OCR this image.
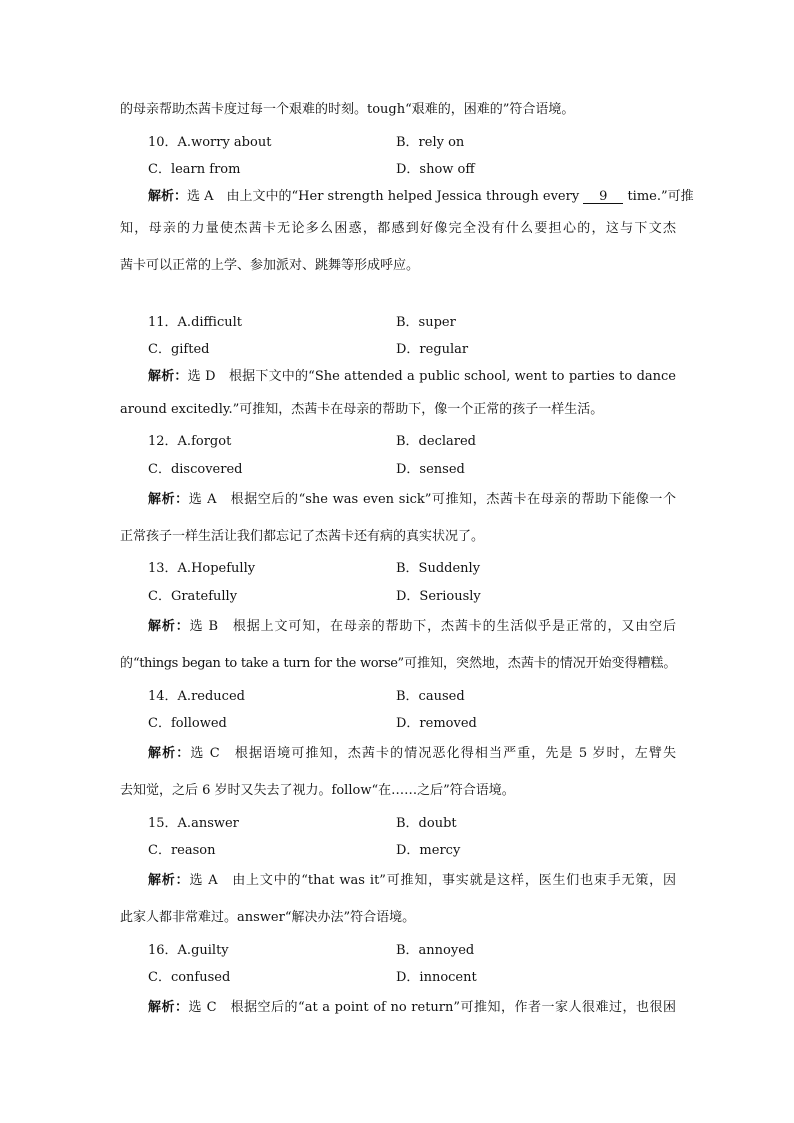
的母亲帮助杰茜卡度过每一个艰难的时刻。tough“艰难的，困难的”符合语境。
10．A.worry about	B．rely on
C．learn from	D．show off
解析：选 A　由上文中的“Her strength helped Jessica through every 9 time.”可推
知，母亲的力量使杰茜卡无论多么困惑，都感到好像完全没有什么要担心的，这与下文杰
茜卡可以正常的上学、参加派对、跳舞等形成呼应。
11．A.difficult	B．super
C．gifted	D．regular
解析：选 D　根据下文中的“She attended a public school, went to parties to dance
around excitedly.”可推知，杰茜卡在母亲的帮助下，像一个正常的孩子一样生活。
12．A.forgot	B．declared
C．discovered	D．sensed
解析：选 A　根据空后的“she was even sick”可推知，杰茜卡在母亲的帮助下能像一个
正常孩子一样生活让我们都忘记了杰茜卡还有病的真实状况了。
13．A.Hopefully	B．Suddenly
C．Gratefully	D．Seriously
解析：选 B　根据上文可知，在母亲的帮助下，杰茜卡的生活似乎是正常的，又由空后
的“things began to take a turn for the worse”可推知，突然地，杰茜卡的情况开始变得糟糕。
14．A.reduced	B．caused
C．followed	D．removed
解析：选 C　根据语境可推知，杰茜卡的情况恶化得相当严重，先是 5 岁时，左臂失
去知觉，之后 6 岁时又失去了视力。follow“在……之后”符合语境。
15．A.answer	B．doubt
C．reason	D．mercy
解析：选 A　由上文中的“that was it”可推知，事实就是这样，医生们也束手无策，因
此家人都非常难过。answer“解决办法”符合语境。
16．A.guilty	B．annoyed
C．confused	D．innocent
解析：选 C　根据空后的“at a point of no return”可推知，作者一家人很难过，也很困
